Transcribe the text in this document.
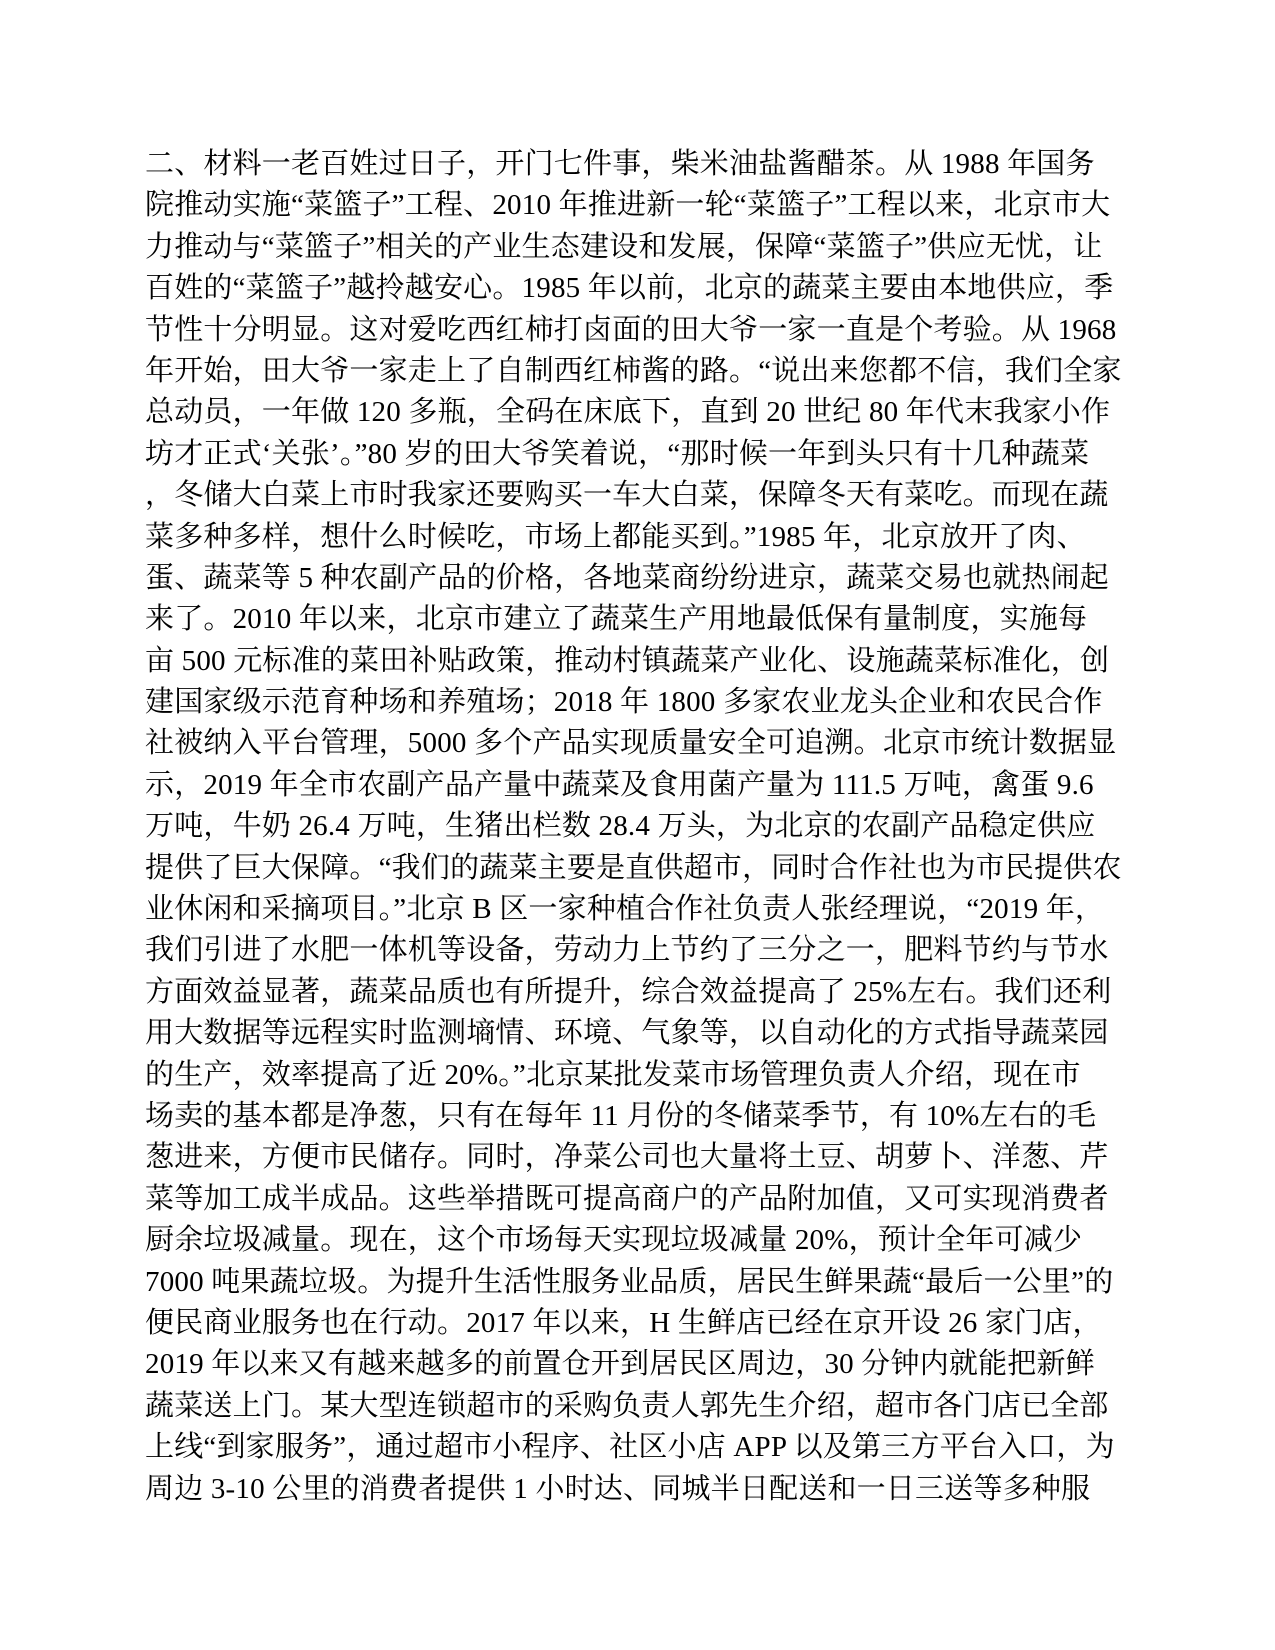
二、材料一老百姓过日子，开门七件事，柴米油盐酱醋茶。从 1988 年国务
院推动实施“菜篮子”工程、2010 年推进新一轮“菜篮子”工程以来，北京市大
力推动与“菜篮子”相关的产业生态建设和发展，保障“菜篮子”供应无忧，让
百姓的“菜篮子”越拎越安心。1985 年以前，北京的蔬菜主要由本地供应，季
节性十分明显。这对爱吃西红柿打卤面的田大爷一家一直是个考验。从 1968
年开始，田大爷一家走上了自制西红柿酱的路。“说出来您都不信，我们全家
总动员，一年做 120 多瓶，全码在床底下，直到 20 世纪 80 年代末我家小作
坊才正式‘关张’。”80 岁的田大爷笑着说，“那时候一年到头只有十几种蔬菜
，冬储大白菜上市时我家还要购买一车大白菜，保障冬天有菜吃。而现在蔬
菜多种多样，想什么时候吃，市场上都能买到。”1985 年，北京放开了肉、
蛋、蔬菜等 5 种农副产品的价格，各地菜商纷纷进京，蔬菜交易也就热闹起
来了。2010 年以来，北京市建立了蔬菜生产用地最低保有量制度，实施每
亩 500 元标准的菜田补贴政策，推动村镇蔬菜产业化、设施蔬菜标准化，创
建国家级示范育种场和养殖场；2018 年 1800 多家农业龙头企业和农民合作
社被纳入平台管理，5000 多个产品实现质量安全可追溯。北京市统计数据显
示，2019 年全市农副产品产量中蔬菜及食用菌产量为 111.5 万吨，禽蛋 9.6
万吨，牛奶 26.4 万吨，生猪出栏数 28.4 万头，为北京的农副产品稳定供应
提供了巨大保障。“我们的蔬菜主要是直供超市，同时合作社也为市民提供农
业休闲和采摘项目。”北京 B 区一家种植合作社负责人张经理说，“2019 年，
我们引进了水肥一体机等设备，劳动力上节约了三分之一，肥料节约与节水
方面效益显著，蔬菜品质也有所提升，综合效益提高了 25%左右。我们还利
用大数据等远程实时监测墒情、环境、气象等，以自动化的方式指导蔬菜园
的生产，效率提高了近 20%。”北京某批发菜市场管理负责人介绍，现在市
场卖的基本都是净葱，只有在每年 11 月份的冬储菜季节，有 10%左右的毛
葱进来，方便市民储存。同时，净菜公司也大量将土豆、胡萝卜、洋葱、芹
菜等加工成半成品。这些举措既可提高商户的产品附加值，又可实现消费者
厨余垃圾减量。现在，这个市场每天实现垃圾减量 20%，预计全年可减少
7000 吨果蔬垃圾。为提升生活性服务业品质，居民生鲜果蔬“最后一公里”的
便民商业服务也在行动。2017 年以来，H 生鲜店已经在京开设 26 家门店，
2019 年以来又有越来越多的前置仓开到居民区周边，30 分钟内就能把新鲜
蔬菜送上门。某大型连锁超市的采购负责人郭先生介绍，超市各门店已全部
上线“到家服务”，通过超市小程序、社区小店 APP 以及第三方平台入口，为
周边 3-10 公里的消费者提供 1 小时达、同城半日配送和一日三送等多种服
